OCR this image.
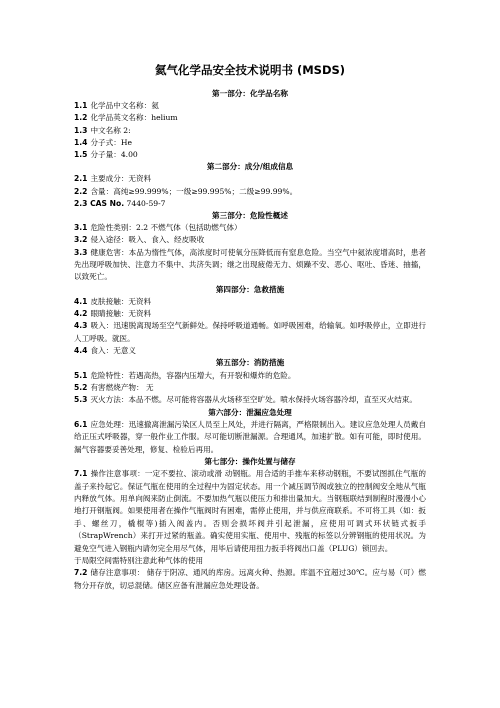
氦气化学品安全技术说明书 (MSDS)
第一部分：化学品名称
1.1 化学品中文名称：氦
1.2 化学品英文名称：helium
1.3 中文名称 2:
1.4 分子式：He
1.5 分子量：4.00
第二部分：成分/组成信息
2.1 主要成分：无资料
2.2 含量：高纯≥99.999%；一级≥99.995%；二级≥99.99%。
2.3 CAS No. 7440-59-7
第三部分：危险性概述
3.1 危险性类别：2.2 不燃气体（包括助燃气体）
3.2 侵入途径：吸入、食入、经皮吸收
3.3 健康危害：本品为惰性气体，高浓度时可使氧分压降低而有窒息危险。当空气中氦浓度增高时，患者先出现呼吸加快、注意力不集中、共济失调；继之出现疲倦无力、烦躁不安、恶心、呕吐、昏迷、抽搐，以致死亡。
第四部分：急救措施
4.1 皮肤接触：无资料
4.2 眼睛接触：无资料
4.3 吸入：迅速脱离现场至空气新鲜处。保持呼吸道通畅。如呼吸困难，给输氧。如呼吸停止，立即进行人工呼吸。就医。
4.4 食入：无意义
第五部分：消防措施
5.1 危险特性：若遇高热，容器内压增大，有开裂和爆炸的危险。
5.2 有害燃烧产物： 无
5.3 灭火方法：本品不燃。尽可能将容器从火场移至空旷处。喷水保持火场容器冷却，直至灭火结束。
第六部分：泄漏应急处理
6.1 应急处理：迅速撤离泄漏污染区人员至上风处，并进行隔离，严格限制出入。建议应急处理人员戴自给正压式呼吸器，穿一般作业工作服。尽可能切断泄漏源。合理通风，加速扩散。如有可能，即时使用。漏气容器要妥善处理，修复、检验后再用。
第七部分：操作处置与储存
7.1 操作注意事项：一定不要拉、滚动或滑 动钢瓶。用合适的手推车来移动钢瓶，不要试图抓住气瓶的盖子来拎起它。保证气瓶在使用的全过程中为固定状态。用一个减压调节阀或独立的控制阀安全地从气瓶内释放气体。用单向阀来防止倒流。不要加热气瓶以使压力和排出量加大。当钢瓶联结到制程时漫漫小心地打开钢瓶阀。如果使用者在操作气瓶阀时有困难，需停止使用，并与供应商联系。不可将工具（如：扳手、螺丝刀，橇棍等)插入阀盖内。否则会损坏阀并引起泄漏，应使用可调式环状链式扳手（StrapWrench）来打开过紧的瓶盖。确实使用实瓶、使用中、残瓶的标签以分辨钢瓶的使用状况。为避免空气进入钢瓶内请勿完全用尽气体，用毕后请使用扭力扳手将阀出口盖（PLUG）锁回去。
于局限空间需特别注意此种气体的使用
7.2 储存注意事项： 储存于阴凉、通风的库房。远离火种、热源。库温不宜超过30℃。应与易（可）燃物分开存放，切忌混储。储区应备有泄漏应急处理设备。
